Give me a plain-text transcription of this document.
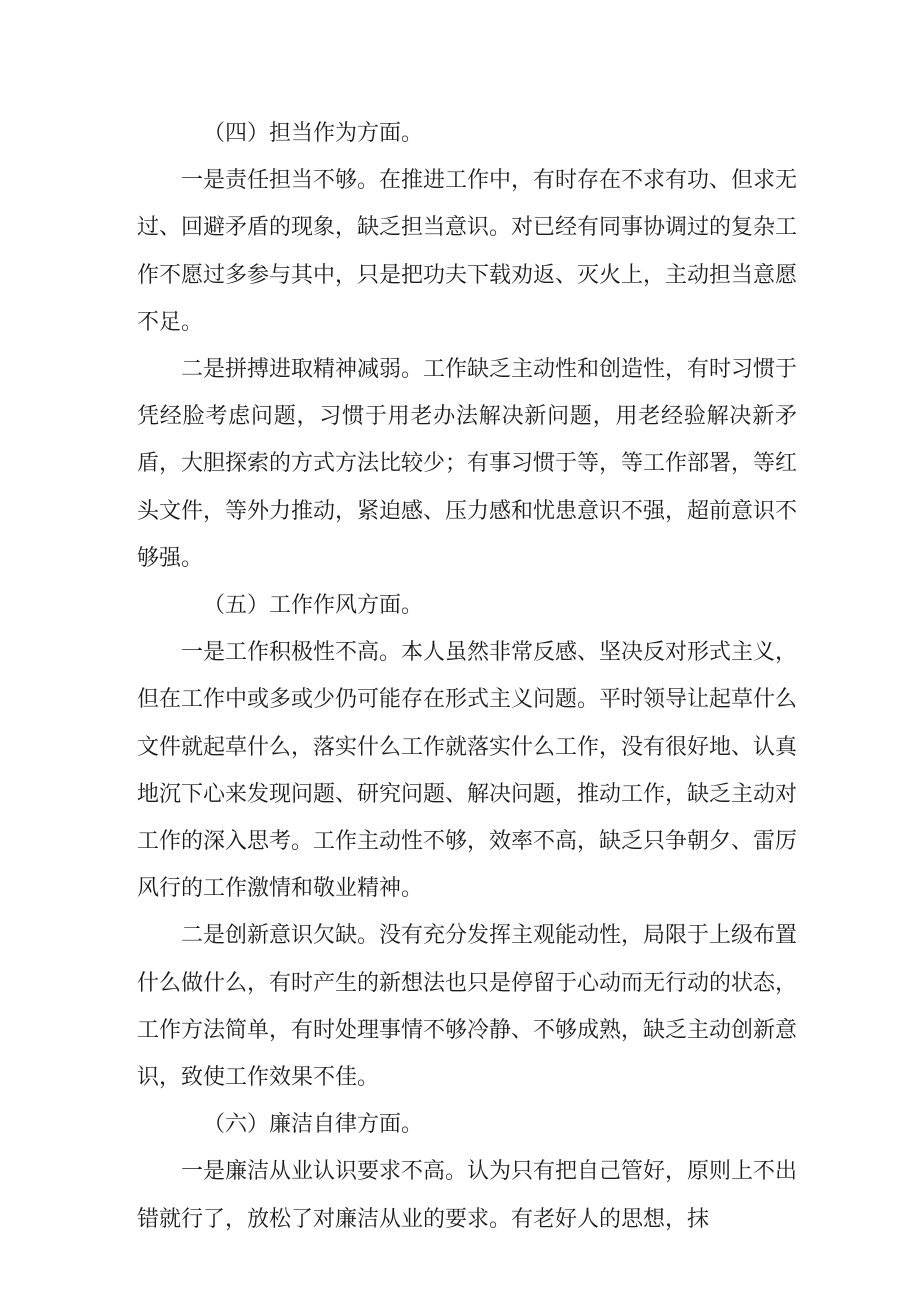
（四）担当作为方面。

一是责任担当不够。在推进工作中，有时存在不求有功、但求无过、回避矛盾的现象，缺乏担当意识。对已经有同事协调过的复杂工作不愿过多参与其中，只是把功夫下载劝返、灭火上，主动担当意愿不足。

二是拼搏进取精神减弱。工作缺乏主动性和创造性，有时习惯于凭经脸考虑问题，习惯于用老办法解决新问题，用老经验解决新矛盾，大胆探索的方式方法比较少；有事习惯于等，等工作部署，等红头文件，等外力推动，紧迫感、压力感和忧患意识不强，超前意识不够强。

（五）工作作风方面。

一是工作积极性不高。本人虽然非常反感、坚决反对形式主义，但在工作中或多或少仍可能存在形式主义问题。平时领导让起草什么文件就起草什么，落实什么工作就落实什么工作，没有很好地、认真地沉下心来发现问题、研究问题、解决问题，推动工作，缺乏主动对工作的深入思考。工作主动性不够，效率不高，缺乏只争朝夕、雷厉风行的工作激情和敬业精神。

二是创新意识欠缺。没有充分发挥主观能动性，局限于上级布置什么做什么，有时产生的新想法也只是停留于心动而无行动的状态，工作方法简单，有时处理事情不够冷静、不够成熟，缺乏主动创新意识，致使工作效果不佳。

（六）廉洁自律方面。

一是廉洁从业认识要求不高。认为只有把自己管好，原则上不出错就行了，放松了对廉洁从业的要求。有老好人的思想，抹
